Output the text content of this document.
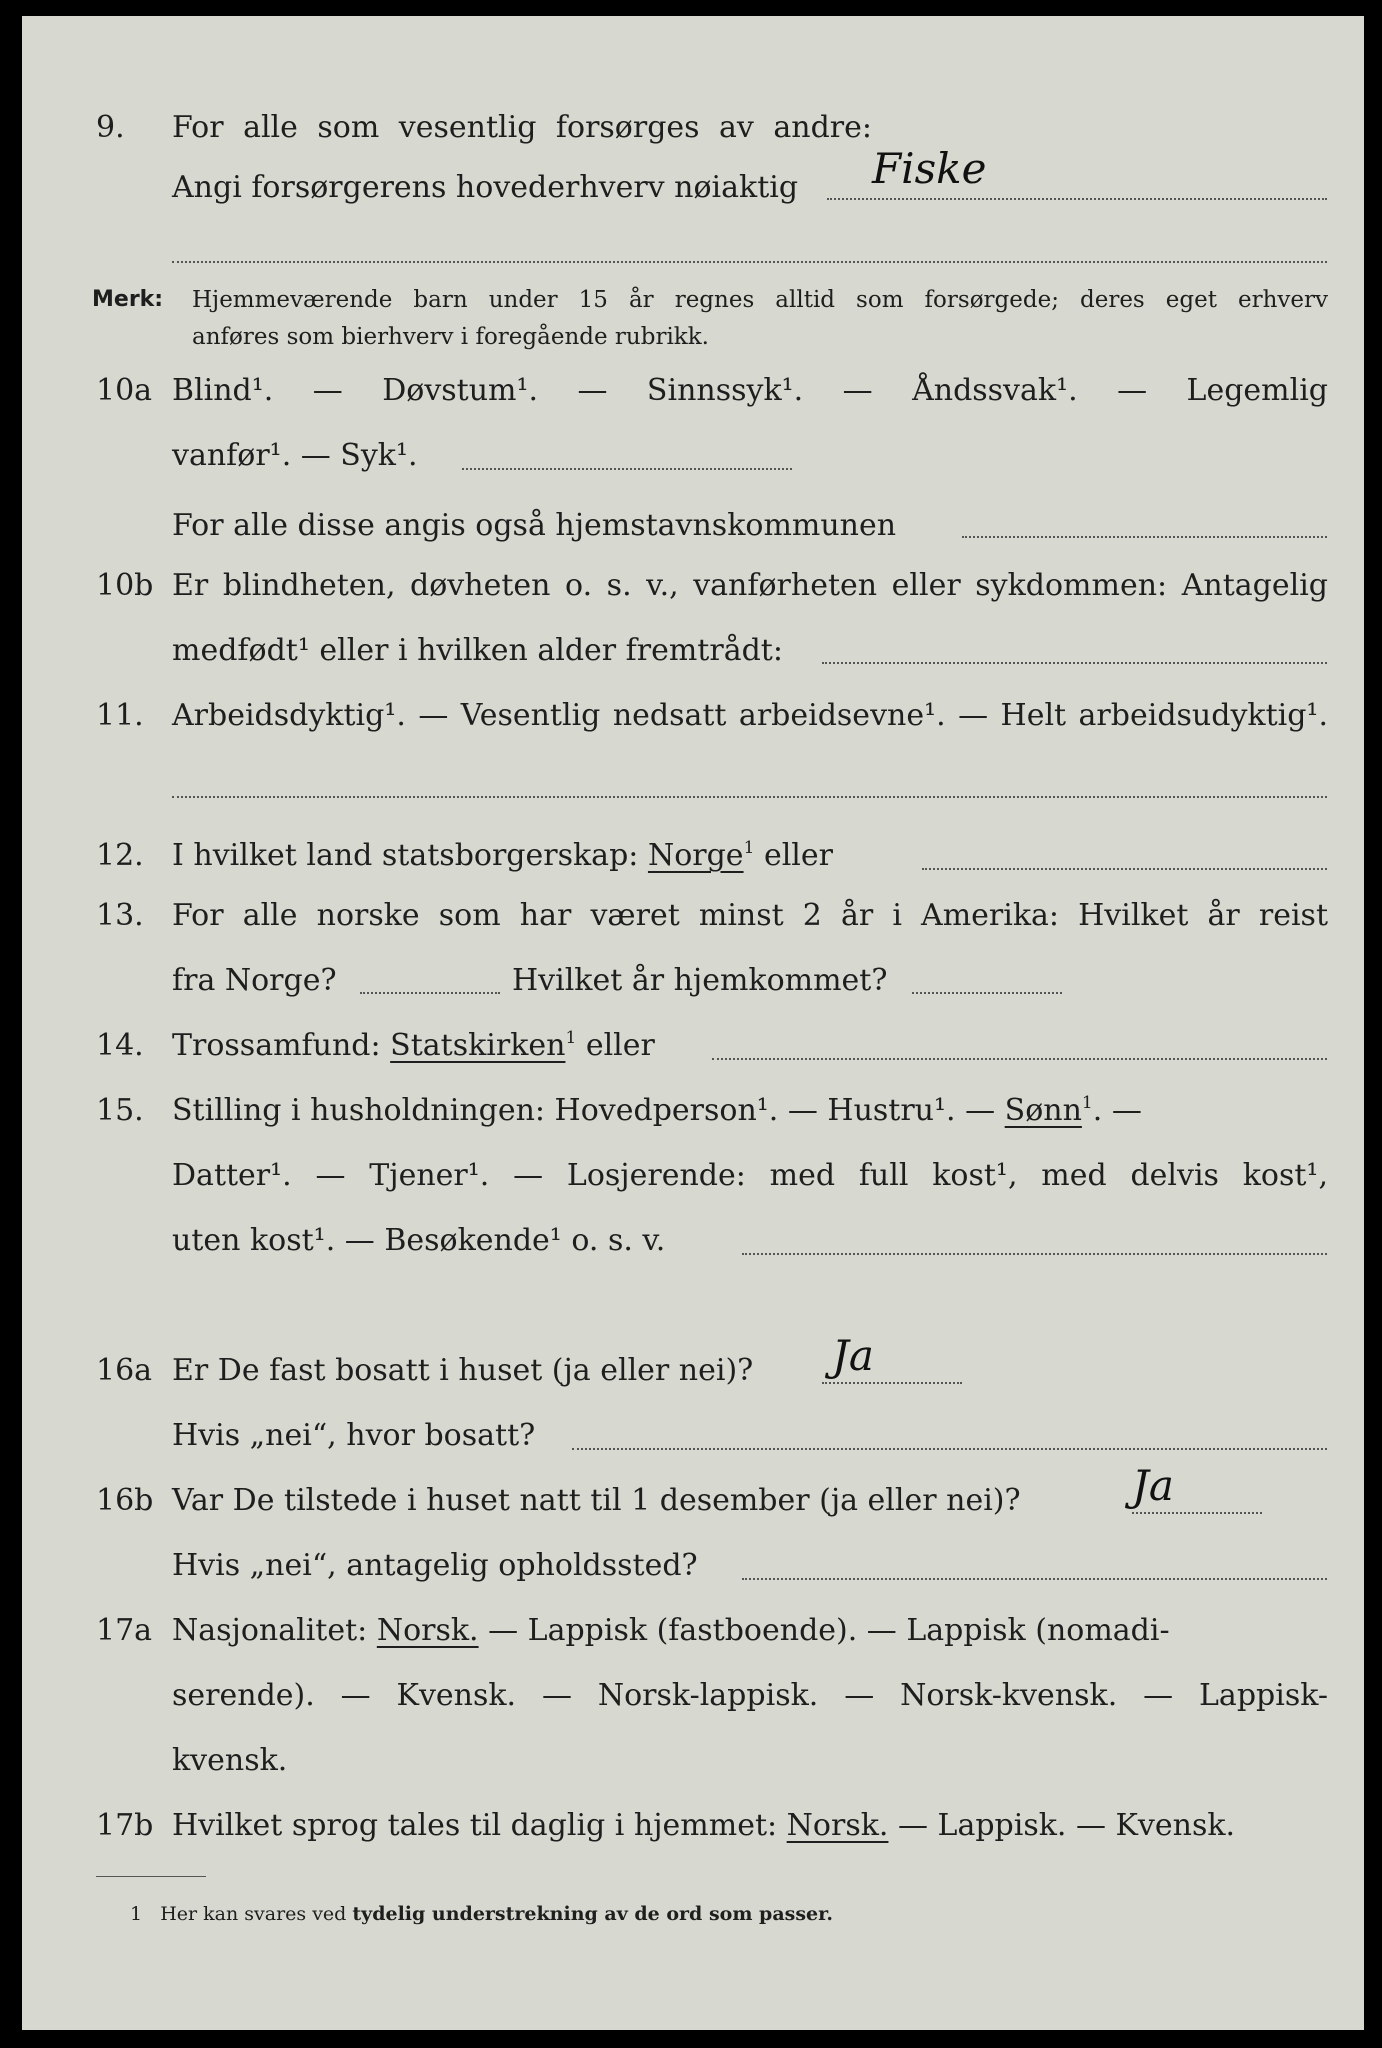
9.	For alle som vesentlig forsørges av andre:
Angi forsørgerens hovederhverv nøiaktig Fiske
Merk:	Hjemmeværende barn under 15 år regnes alltid som forsørgede; deres eget erhverv
anføres som bierhverv i foregående rubrikk.
10a Blind¹. — Døvstum¹. — Sinnssyk¹. — Åndssvak¹. — Legemlig
vanfør¹. — Syk¹.
For alle disse angis også hjemstavnskommunen
10b Er blindheten, døvheten o. s. v., vanførheten eller sykdommen: Antagelig
medfødt¹ eller i hvilken alder fremtrådt:
11. Arbeidsdyktig¹. — Vesentlig nedsatt arbeidsevne¹. — Helt arbeidsudyktig¹.
12. I hvilket land statsborgerskap: Norge$^1$ eller
13. For alle norske som har været minst 2 år i Amerika: Hvilket år reist
fra Norge?	Hvilket år hjemkommet?
14. Trossamfund: Statskirken$^1$ eller
15. Stilling i husholdningen: Hovedperson¹. — Hustru¹. — Sønn$^1$. —
Datter¹. — Tjener¹. — Losjerende: med full kost¹, med delvis kost¹,
uten kost¹. — Besøkende¹ o. s. v.
16a Er De fast bosatt i huset (ja eller nei)? Ja
Hvis „nei“, hvor bosatt?
16b Var De tilstede i huset natt til 1 desember (ja eller nei)?	Ja
Hvis „nei“, antagelig opholdssted?
17a Nasjonalitet: Norsk. — Lappisk (fastboende). — Lappisk (nomadi-
serende). — Kvensk. — Norsk-lappisk. — Norsk-kvensk. — Lappisk-
kvensk.
17b Hvilket sprog tales til daglig i hjemmet: Norsk. — Lappisk. — Kvensk.
1 Her kan svares ved tydelig understrekning av de ord som passer.
